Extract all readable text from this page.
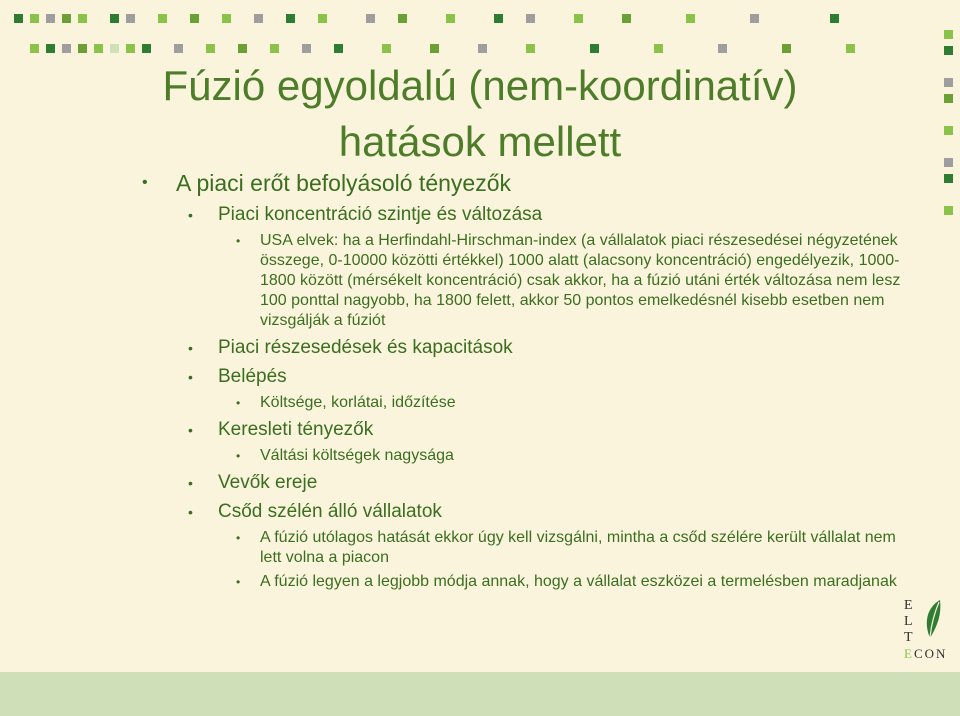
Fúzió egyoldalú (nem-koordinatív)
hatások mellett
• A piaci erőt befolyásoló tényezők
• Piaci koncentráció szintje és változása
• USA elvek: ha a Herfindahl-Hirschman-index (a vállalatok piaci részesedései négyzetének összege, 0-10000 közötti értékkel) 1000 alatt (alacsony koncentráció) engedélyezik, 1000-1800 között (mérsékelt koncentráció) csak akkor, ha a fúzió utáni érték változása nem lesz 100 ponttal nagyobb, ha 1800 felett, akkor 50 pontos emelkedésnél kisebb esetben nem vizsgálják a fúziót
• Piaci részesedések és kapacitások
• Belépés
• Költsége, korlátai, időzítése
• Keresleti tényezők
• Váltási költségek nagysága
• Vevők ereje
• Csőd szélén álló vállalatok
• A fúzió utólagos hatását ekkor úgy kell vizsgálni, mintha a csőd szélére került vállalat nem lett volna a piacon
• A fúzió legyen a legjobb módja annak, hogy a vállalat eszközei a termelésben maradjanak
E
L
T
ECON
